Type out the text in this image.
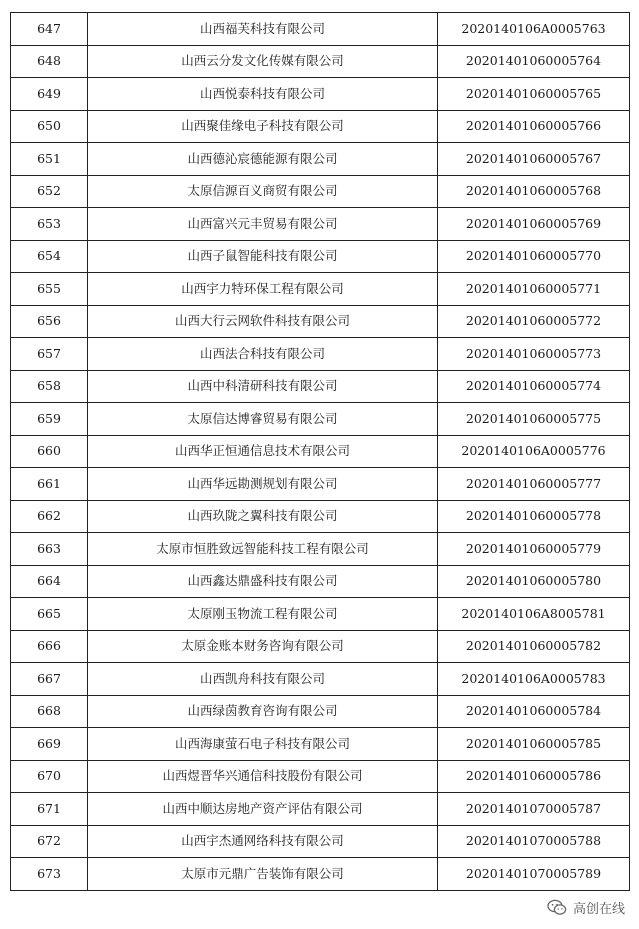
647	山西福芙科技有限公司	2020140106A0005763
648	山西云分发文化传媒有限公司	20201401060005764
649	山西悦泰科技有限公司	20201401060005765
650	山西聚佳缘电子科技有限公司	20201401060005766
651	山西德沁宸德能源有限公司	20201401060005767
652	太原信源百义商贸有限公司	20201401060005768
653	山西富兴元丰贸易有限公司	20201401060005769
654	山西子鼠智能科技有限公司	20201401060005770
655	山西宇力特环保工程有限公司	20201401060005771
656	山西大行云网软件科技有限公司	20201401060005772
657	山西法合科技有限公司	20201401060005773
658	山西中科清研科技有限公司	20201401060005774
659	太原信达博睿贸易有限公司	20201401060005775
660	山西华正恒通信息技术有限公司	2020140106A0005776
661	山西华远勘测规划有限公司	20201401060005777
662	山西玖陇之翼科技有限公司	20201401060005778
663	太原市恒胜致远智能科技工程有限公司	20201401060005779
664	山西鑫达鼎盛科技有限公司	20201401060005780
665	太原刚玉物流工程有限公司	2020140106A8005781
666	太原金账本财务咨询有限公司	20201401060005782
667	山西凯舟科技有限公司	2020140106A0005783
668	山西绿茵教育咨询有限公司	20201401060005784
669	山西海康萤石电子科技有限公司	20201401060005785
670	山西煜晋华兴通信科技股份有限公司	20201401060005786
671	山西中顺达房地产资产评估有限公司	20201401070005787
672	山西宇杰通网络科技有限公司	20201401070005788
673	太原市元鼎广告装饰有限公司	20201401070005789
高创在线
